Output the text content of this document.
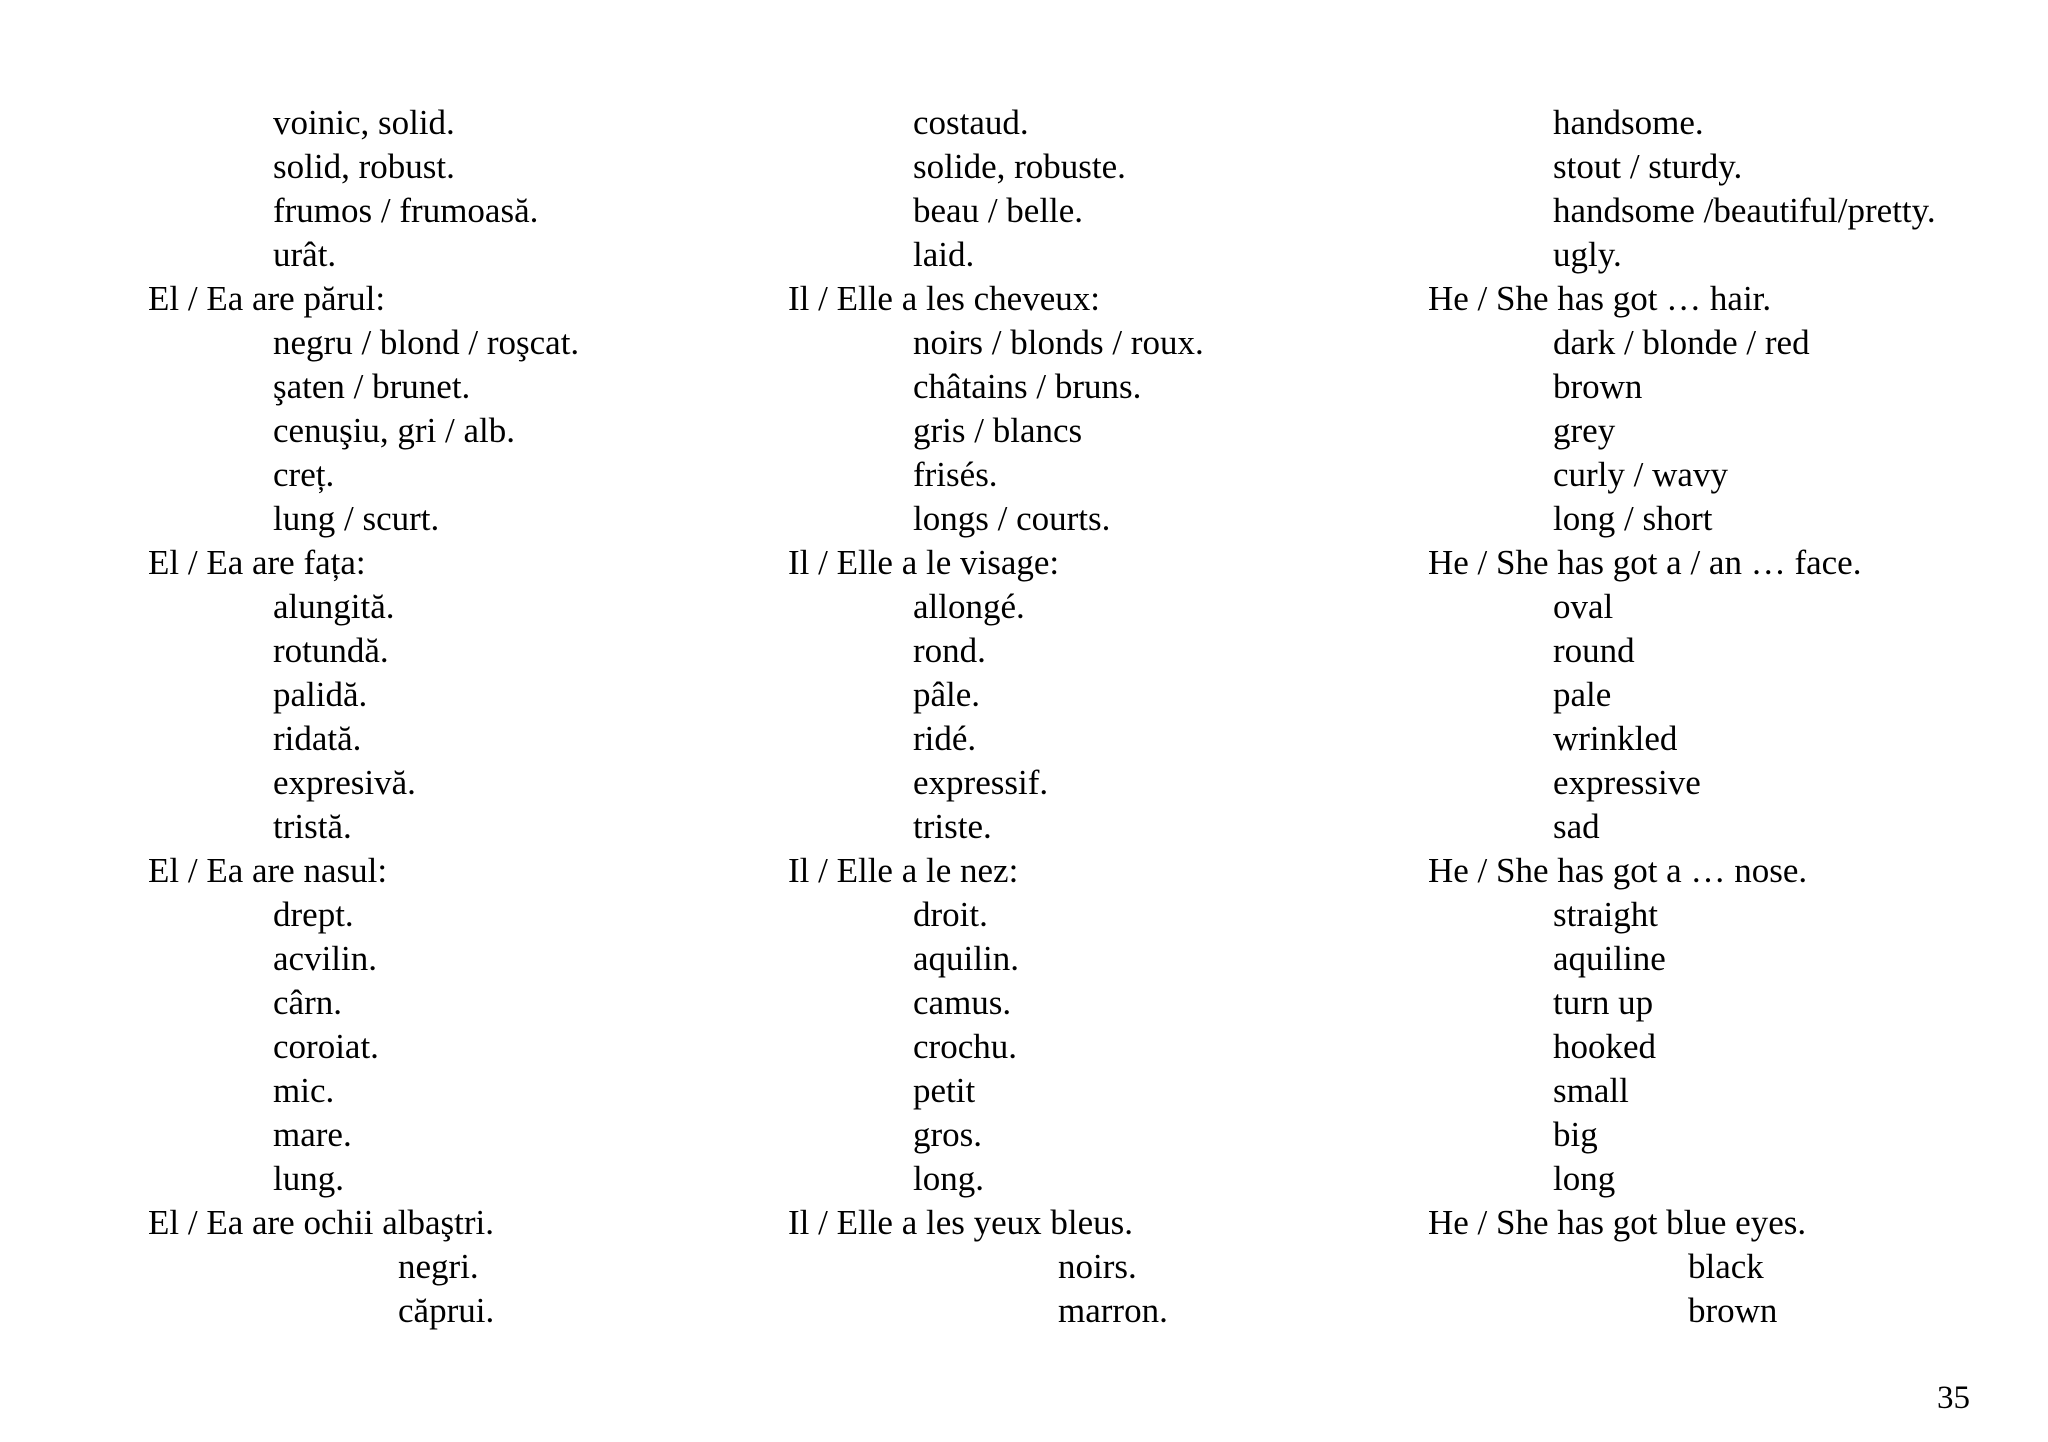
voinic, solid.
solid, robust.
frumos / frumoasă.
urât.
El / Ea are părul:
negru / blond / roşcat.
şaten / brunet.
cenuşiu, gri / alb.
creț.
lung / scurt.
El / Ea are fața:
alungită.
rotundă.
palidă.
ridată.
expresivă.
tristă.
El / Ea are nasul:
drept.
acvilin.
cârn.
coroiat.
mic.
mare.
lung.
El / Ea are ochii albaştri.
negri.
căprui.
costaud.
solide, robuste.
beau / belle.
laid.
Il / Elle a les cheveux:
noirs / blonds / roux.
châtains / bruns.
gris / blancs
frisés.
longs / courts.
Il / Elle a le visage:
allongé.
rond.
pâle.
ridé.
expressif.
triste.
Il / Elle a le nez:
droit.
aquilin.
camus.
crochu.
petit
gros.
long.
Il / Elle a les yeux bleus.
noirs.
marron.
handsome.
stout / sturdy.
handsome /beautiful/pretty.
ugly.
He / She has got … hair.
dark / blonde / red
brown
grey
curly / wavy
long / short
He / She has got a / an … face.
oval
round
pale
wrinkled
expressive
sad
He / She has got a … nose.
straight
aquiline
turn up
hooked
small
big
long
He / She has got blue eyes.
black
brown
35
